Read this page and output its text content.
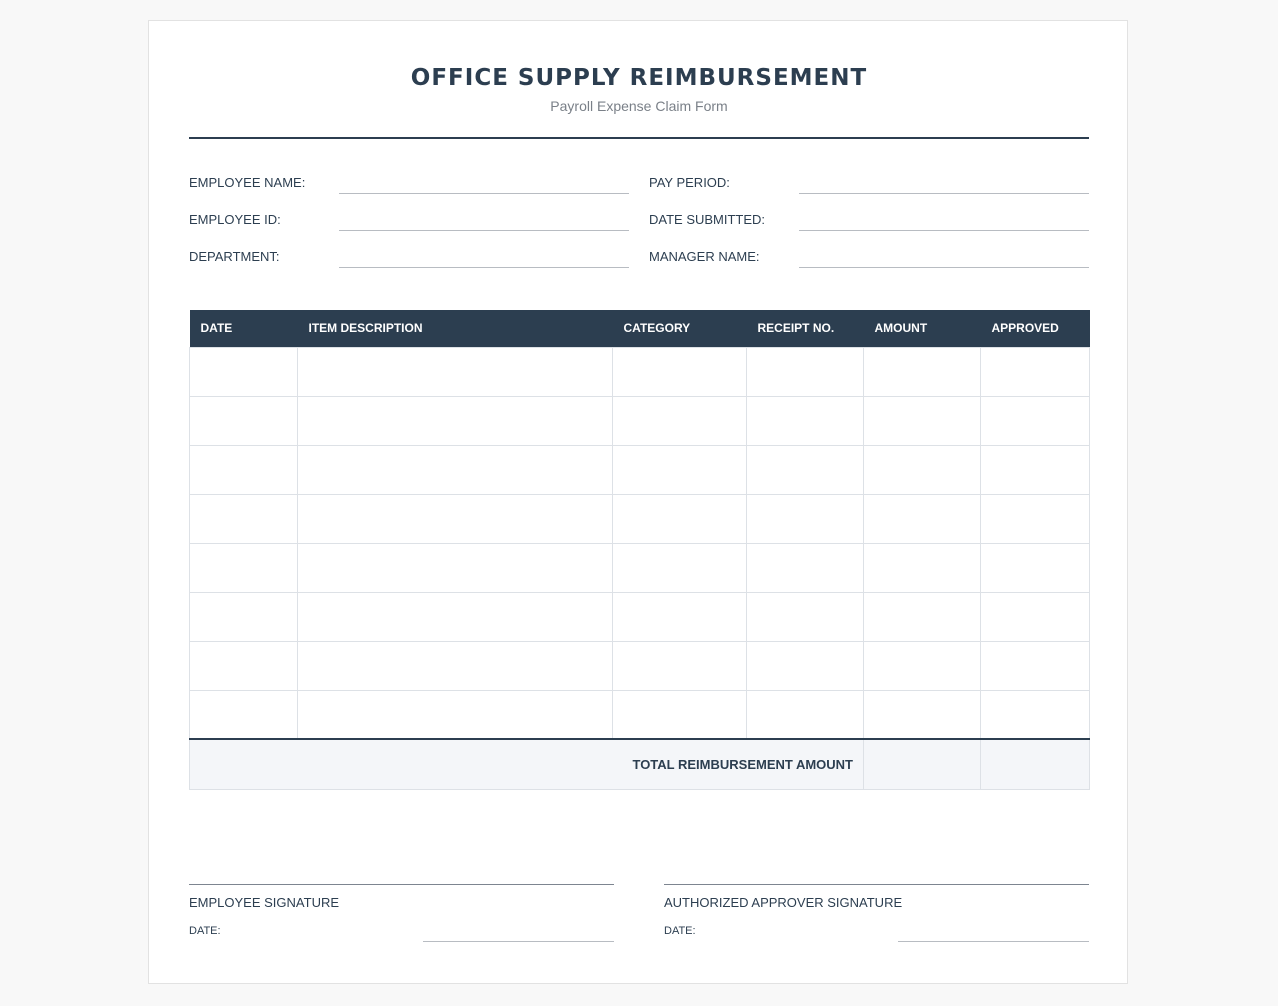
OFFICE SUPPLY REIMBURSEMENT
Payroll Expense Claim Form
EMPLOYEE NAME:	PAY PERIOD:
EMPLOYEE ID:	DATE SUBMITTED:
DEPARTMENT:	MANAGER NAME:
DATE	ITEM DESCRIPTION	CATEGORY	RECEIPT NO.	AMOUNT	APPROVED

TOTAL REIMBURSEMENT AMOUNT					
EMPLOYEE SIGNATURE
DATE:
AUTHORIZED APPROVER SIGNATURE
DATE:
